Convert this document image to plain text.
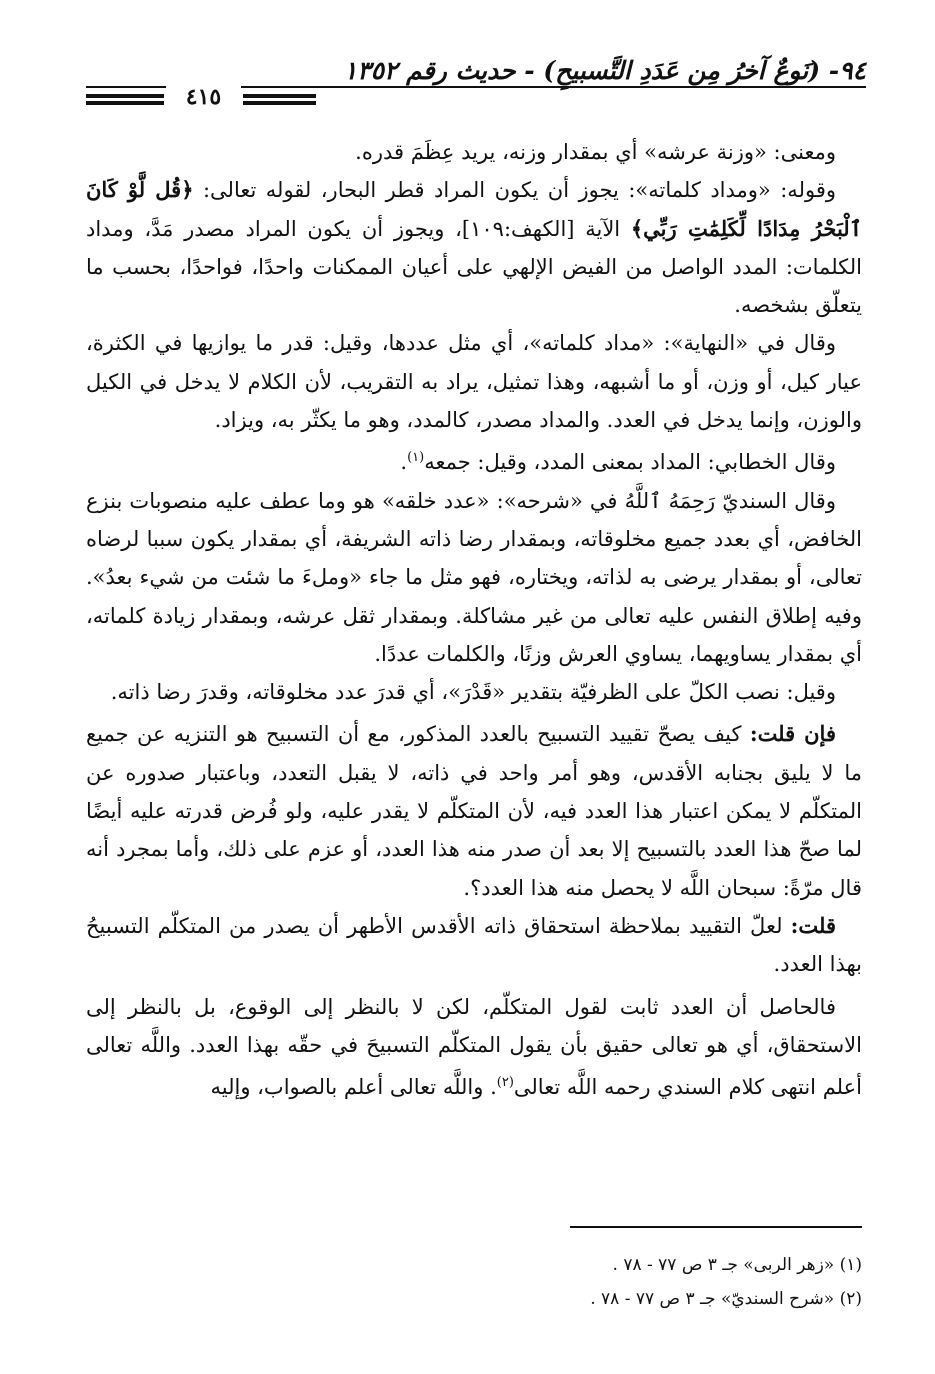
٩٤- (نَوعٌ آخرُ مِن عَدَدِ التَّسبيحِ) - حديث رقم ١٣٥٢
٤١٥

ومعنى: «وزنة عرشه» أي بمقدار وزنه، يريد عِظَمَ قدره.

وقوله: «ومداد كلماته»: يجوز أن يكون المراد قطر البحار، لقوله تعالى: ﴿قُل لَّوْ كَانَ ٱلْبَحْرُ مِدَادًا لِّكَلِمَٰتِ رَبِّي﴾ الآية [الكهف:١٠٩]، ويجوز أن يكون المراد مصدر مَدَّ، ومداد الكلمات: المدد الواصل من الفيض الإلهي على أعيان الممكنات واحدًا، فواحدًا، بحسب ما يتعلّق بشخصه.

وقال في «النهاية»: «مداد كلماته»، أي مثل عددها، وقيل: قدر ما يوازيها في الكثرة، عيار كيل، أو وزن، أو ما أشبهه، وهذا تمثيل، يراد به التقريب، لأن الكلام لا يدخل في الكيل والوزن، وإنما يدخل في العدد. والمداد مصدر، كالمدد، وهو ما يكثّر به، ويزاد.

وقال الخطابي: المداد بمعنى المدد، وقيل: جمعه$^{(١)}$.

وقال السنديّ رَحِمَهُ ٱللَّهُ في «شرحه»: «عدد خلقه» هو وما عطف عليه منصوبات بنزع الخافض، أي بعدد جميع مخلوقاته، وبمقدار رضا ذاته الشريفة، أي بمقدار يكون سببا لرضاه تعالى، أو بمقدار يرضى به لذاته، ويختاره، فهو مثل ما جاء «وملءَ ما شئت من شيء بعدُ». وفيه إطلاق النفس عليه تعالى من غير مشاكلة. وبمقدار ثقل عرشه، وبمقدار زيادة كلماته، أي بمقدار يساويهما، يساوي العرش وزنًا، والكلمات عددًا.

وقيل: نصب الكلّ على الظرفيّة بتقدير «قَدْرَ»، أي قدرَ عدد مخلوقاته، وقدرَ رضا ذاته.

فإن قلت: كيف يصحّ تقييد التسبيح بالعدد المذكور، مع أن التسبيح هو التنزيه عن جميع ما لا يليق بجنابه الأقدس، وهو أمر واحد في ذاته، لا يقبل التعدد، وباعتبار صدوره عن المتكلّم لا يمكن اعتبار هذا العدد فيه، لأن المتكلّم لا يقدر عليه، ولو فُرض قدرته عليه أيضًا لما صحّ هذا العدد بالتسبيح إلا بعد أن صدر منه هذا العدد، أو عزم على ذلك، وأما بمجرد أنه قال مرّةً: سبحان اللَّه لا يحصل منه هذا العدد؟.

قلت: لعلّ التقييد بملاحظة استحقاق ذاته الأقدس الأطهر أن يصدر من المتكلّم التسبيحُ بهذا العدد.

فالحاصل أن العدد ثابت لقول المتكلّم، لكن لا بالنظر إلى الوقوع، بل بالنظر إلى الاستحقاق، أي هو تعالى حقيق بأن يقول المتكلّم التسبيحَ في حقّه بهذا العدد. واللَّه تعالى أعلم انتهى كلام السندي رحمه اللَّه تعالى$^{(٢)}$. واللَّه تعالى أعلم بالصواب، وإليه

(١) «زهر الربى» جـ ٣ ص ٧٧ - ٧٨ .
(٢) «شرح السنديّ» جـ ٣ ص ٧٧ - ٧٨ .
